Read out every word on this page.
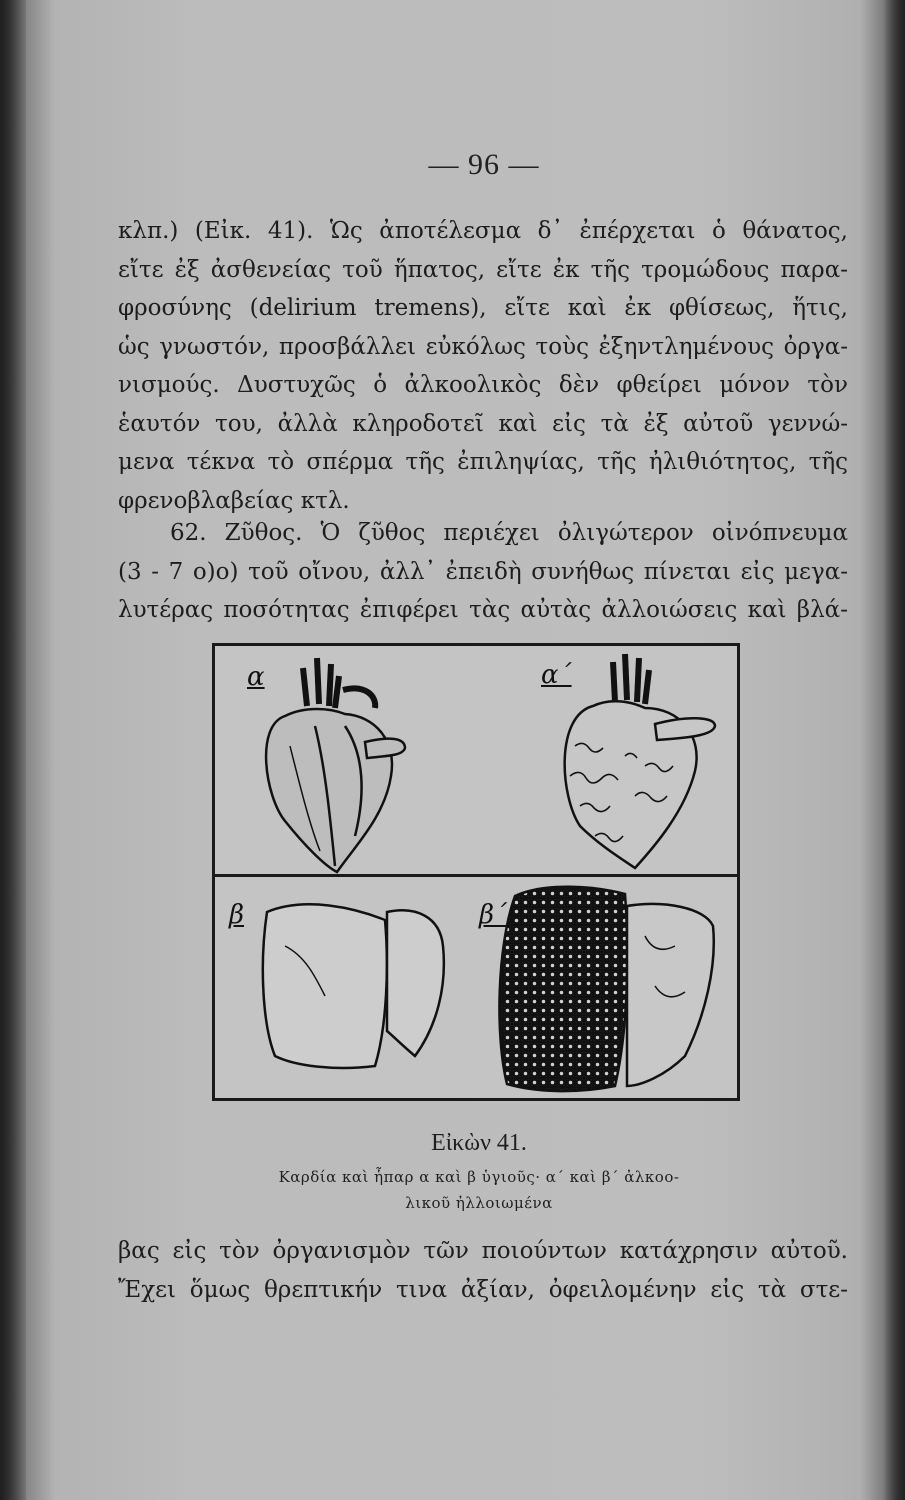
— 96 —
κλπ.) (Εἰκ. 41). Ὡς ἀποτέλεσμα δ᾽ ἐπέρχεται ὁ θάνατος,
εἴτε ἐξ ἀσθενείας τοῦ ἥπατος, εἴτε ἐκ τῆς τρομώδους παρα-
φροσύνης (delirium tremens), εἴτε καὶ ἐκ φθίσεως, ἥτις,
ὡς γνωστόν, προσβάλλει εὐκόλως τοὺς ἐξηντλημένους ὀργα-
νισμούς. Δυστυχῶς ὁ ἀλκοολικὸς δὲν φθείρει μόνον τὸν
ἑαυτόν του, ἀλλὰ κληροδοτεῖ καὶ εἰς τὰ ἐξ αὐτοῦ γεννώ-
μενα τέκνα τὸ σπέρμα τῆς ἐπιληψίας, τῆς ἠλιθιότητος, τῆς
φρενοβλαβείας κτλ.
62. Ζῦθος. Ὁ ζῦθος περιέχει ὀλιγώτερον οἰνόπνευμα
(3 - 7 ο)ο) τοῦ οἴνου, ἀλλ᾽ ἐπειδὴ συνήθως πίνεται εἰς μεγα-
λυτέρας ποσότητας ἐπιφέρει τὰς αὐτὰς ἀλλοιώσεις καὶ βλά-
α	α΄
β	β΄
Εἰκὼν 41.
Καρδία καὶ ἧπαρ α καὶ β ὑγιοῦς· α΄ καὶ β΄ ἀλκοο-
λικοῦ ἠλλοιωμένα
βας εἰς τὸν ὀργανισμὸν τῶν ποιούντων κατάχρησιν αὐτοῦ.
Ἔχει ὅμως θρεπτικήν τινα ἀξίαν, ὀφειλομένην εἰς τὰ στε-
